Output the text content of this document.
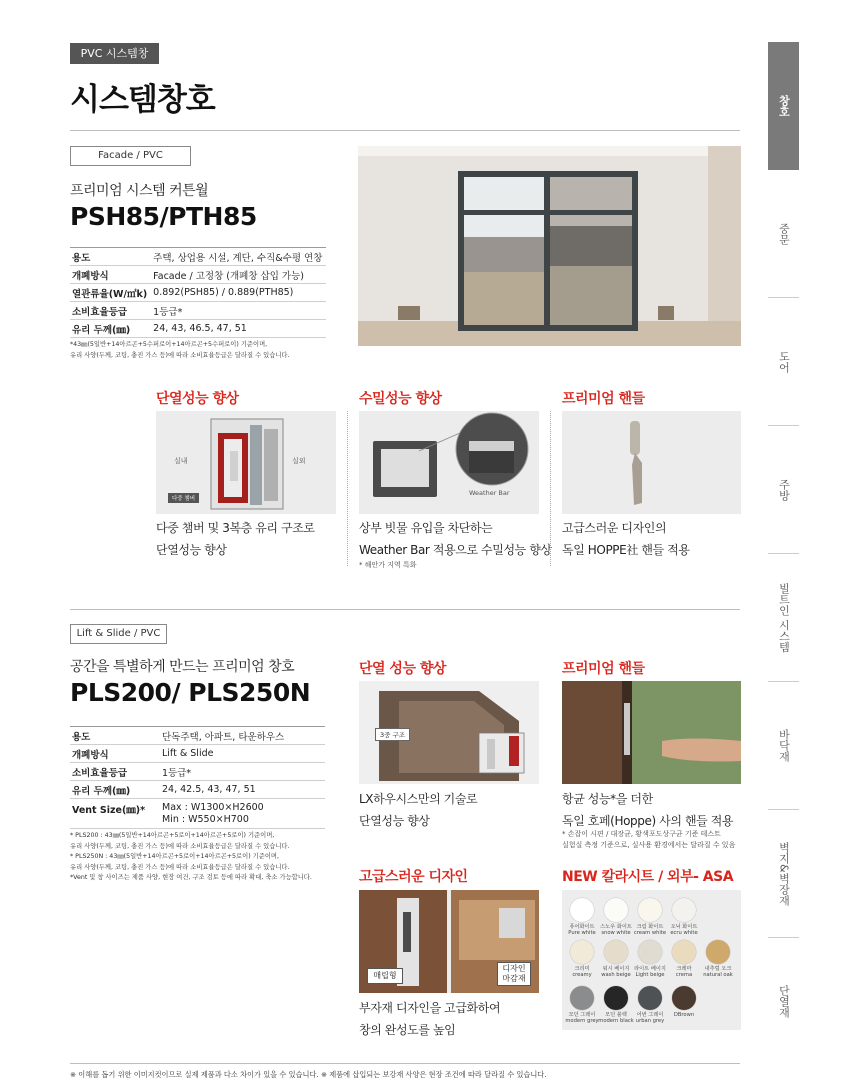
PVC 시스템창
시스템창호	창호
중문
도어
주방
빌트인 시스템
바닥재
벽지&벽장재
단열재
Facade / PVC
프리미엄 시스템 커튼월
PSH85/PTH85
용도	주택, 상업용 시설, 계단, 수직&수평 연창
개폐방식	Facade / 고정창 (개폐창 삽입 가능)
열관류율(W/㎡k)	0.892(PSH85) / 0.889(PTH85)
소비효율등급	1등급*
유리 두께(㎜)	24, 43, 46.5, 47, 51
*43㎜(5일반+14아르곤+5수퍼로이+14아르곤+5수퍼로이) 기준이며,
유리 사양(두께, 코팅, 충진 가스 등)에 따라 소비효율등급은 달라질 수 있습니다.
단열성능 향상
실내	실외
다중 챔버
다중 챔버 및 3복층 유리 구조로
단열성능 향상
수밀성능 향상
Weather Bar
상부 빗물 유입을 차단하는
Weather Bar 적용으로 수밀성능 향상
* 해안가 지역 특화
프리미엄 핸들
고급스러운 디자인의
독일 HOPPE社 핸들 적용
Lift & Slide / PVC
공간을 특별하게 만드는 프리미엄 창호
PLS200/ PLS250N
용도	단독주택, 아파트, 타운하우스
개폐방식	Lift & Slide
소비효율등급	1등급*
유리 두께(㎜)	24, 42.5, 43, 47, 51
Vent Size(㎜)*	Max : W1300×H2600
Min : W550×H700
* PLS200 : 43㎜(5일반+14아르곤+5로이+14아르곤+5로이) 기준이며,
유리 사양(두께, 코팅, 충진 가스 등)에 따라 소비효율등급은 달라질 수 있습니다.
* PLS250N : 43㎜(5일반+14아르곤+5로이+14아르곤+5로이) 기준이며,
유리 사양(두께, 코팅, 충진 가스 등)에 따라 소비효율등급은 달라질 수 있습니다.
*Vent 및 창 사이즈는 제품 사양, 현장 여건, 구조 검토 등에 따라 확대, 축소 가능합니다.
단열 성능 향상
3중 구조
LX하우시스만의 기술로
단열성능 향상
프리미엄 핸들
항균 성능*을 더한
독일 호페(Hoppe) 사의 핸들 적용
* 손잡이 시편 / 대장균, 황색포도상구균 기준 테스트
실험실 측정 기준으로, 실사용 환경에서는 달라질 수 있음
고급스러운 디자인
매립형
디자인
마감재
부자재 디자인을 고급화하여
창의 완성도를 높임
NEW 칼라시트 / 외부- ASA
퓨어화이트
Pure white
스노우 화이트
snow white
크림 화이트
cream white
오닉 화이트
ecru white
크리미
creamy
워시 베이지
wash beige
라이트 베이지
Light beige
크레마
crema
내추럴 오크
natural oak
모던 그레이
modern grey
모던 블랙
modern black
어번 그레이
urban grey
DBrown
※ 이해를 돕기 위한 이미지컷이므로 실제 제품과 다소 차이가 있을 수 있습니다. ※ 제품에 삽입되는 보강재 사양은 현장 조건에 따라 달라질 수 있습니다.
